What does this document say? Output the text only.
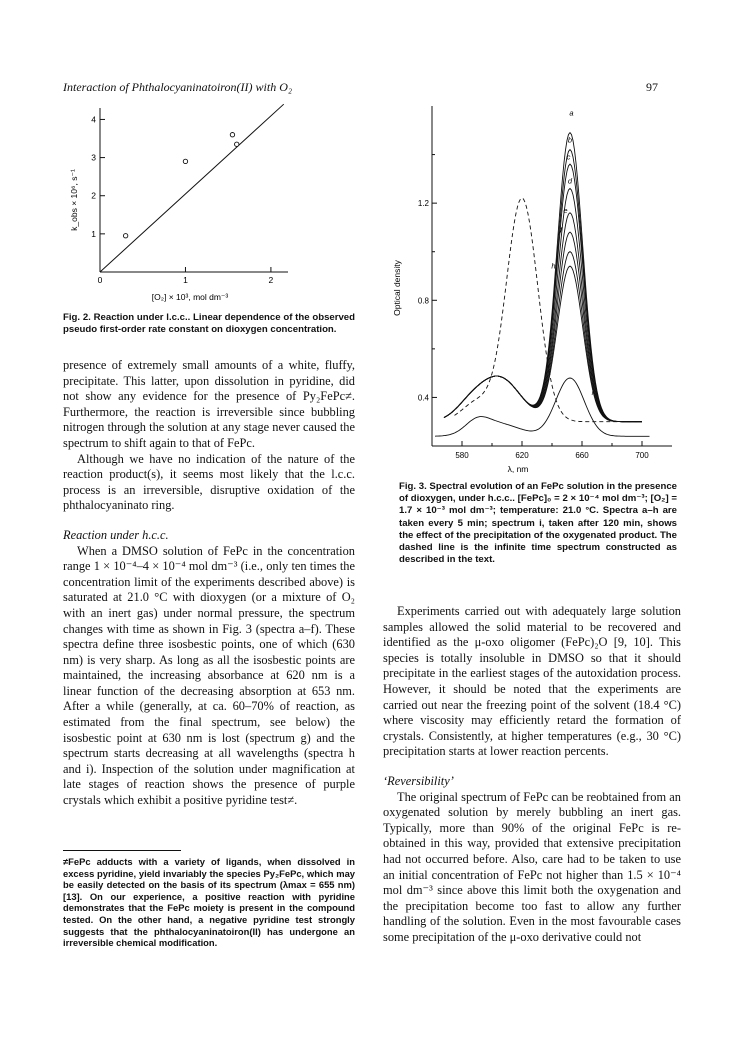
Interaction of Phthalocyaninatoiron(II) with O₂	97
1
2
3
4
0	1	2
k_obs × 10⁶, s⁻¹
[O₂] × 10³, mol dm⁻³
Fig. 2. Reaction under l.c.c.. Linear dependence of the observed pseudo first-order rate constant on dioxygen concentration.
0.4
0.8
1.2
580	620	660	700
a
b
c
d
e
f
h
i
Optical density
λ, nm
Fig. 3. Spectral evolution of an FePc solution in the presence of dioxygen, under h.c.c.. [FePc]₀ = 2 × 10⁻⁴ mol dm⁻³; [O₂] = 1.7 × 10⁻³ mol dm⁻³; temperature: 21.0 °C. Spectra a–h are taken every 5 min; spectrum i, taken after 120 min, shows the effect of the precipitation of the oxygenated product. The dashed line is the infinite time spectrum constructed as described in the text.

presence of extremely small amounts of a white, fluffy, precipitate. This latter, upon dissolution in pyridine, did not show any evidence for the presence of Py₂FePc≠. Furthermore, the reaction is irreversible since bubbling nitrogen through the solution at any stage never caused the spectrum to shift again to that of FePc.

Although we have no indication of the nature of the reaction product(s), it seems most likely that the l.c.c. process is an irreversible, disruptive oxidation of the phthalocyaninato ring.

Reaction under h.c.c.

When a DMSO solution of FePc in the concentration range 1 × 10⁻⁴–4 × 10⁻⁴ mol dm⁻³ (i.e., only ten times the concentration limit of the experiments described above) is saturated at 21.0 °C with dioxygen (or a mixture of O₂ with an inert gas) under normal pressure, the spectrum changes with time as shown in Fig. 3 (spectra a–f). These spectra define three isosbestic points, one of which (630 nm) is very sharp. As long as all the isosbestic points are maintained, the increasing absorbance at 620 nm is a linear function of the decreasing absorption at 653 nm. After a while (generally, at ca. 60–70% of reaction, as estimated from the final spectrum, see below) the isosbestic point at 630 nm is lost (spectrum g) and the spectrum starts decreasing at all wavelengths (spectra h and i). Inspection of the solution under magnification at late stages of reaction shows the presence of purple crystals which exhibit a positive pyridine test≠.

≠FePc adducts with a variety of ligands, when dissolved in excess pyridine, yield invariably the species Py₂FePc, which may be easily detected on the basis of its spectrum (λmax = 655 nm) [13]. On our experience, a positive reaction with pyridine demonstrates that the FePc moiety is present in the compound tested. On the other hand, a negative pyridine test strongly suggests that the phthalocyaninatoiron(II) has undergone an irreversible chemical modification.

Experiments carried out with adequately large solution samples allowed the solid material to be recovered and identified as the μ-oxo oligomer (FePc)₂O [9, 10]. This species is totally insoluble in DMSO so that it should precipitate in the earliest stages of the autoxidation process. However, it should be noted that the experiments are carried out near the freezing point of the solvent (18.4 °C) where viscosity may efficiently retard the formation of crystals. Consistently, at higher temperatures (e.g., 30 °C) precipitation starts at lower reaction percents.

‘Reversibility’

The original spectrum of FePc can be reobtained from an oxygenated solution by merely bubbling an inert gas. Typically, more than 90% of the original FePc is re-obtained in this way, provided that extensive precipitation had not occurred before. Also, care had to be taken to use an initial concentration of FePc not higher than 1.5 × 10⁻⁴ mol dm⁻³ since above this limit both the oxygenation and the precipitation become too fast to allow any further handling of the solution. Even in the most favourable cases some precipitation of the μ-oxo derivative could not
